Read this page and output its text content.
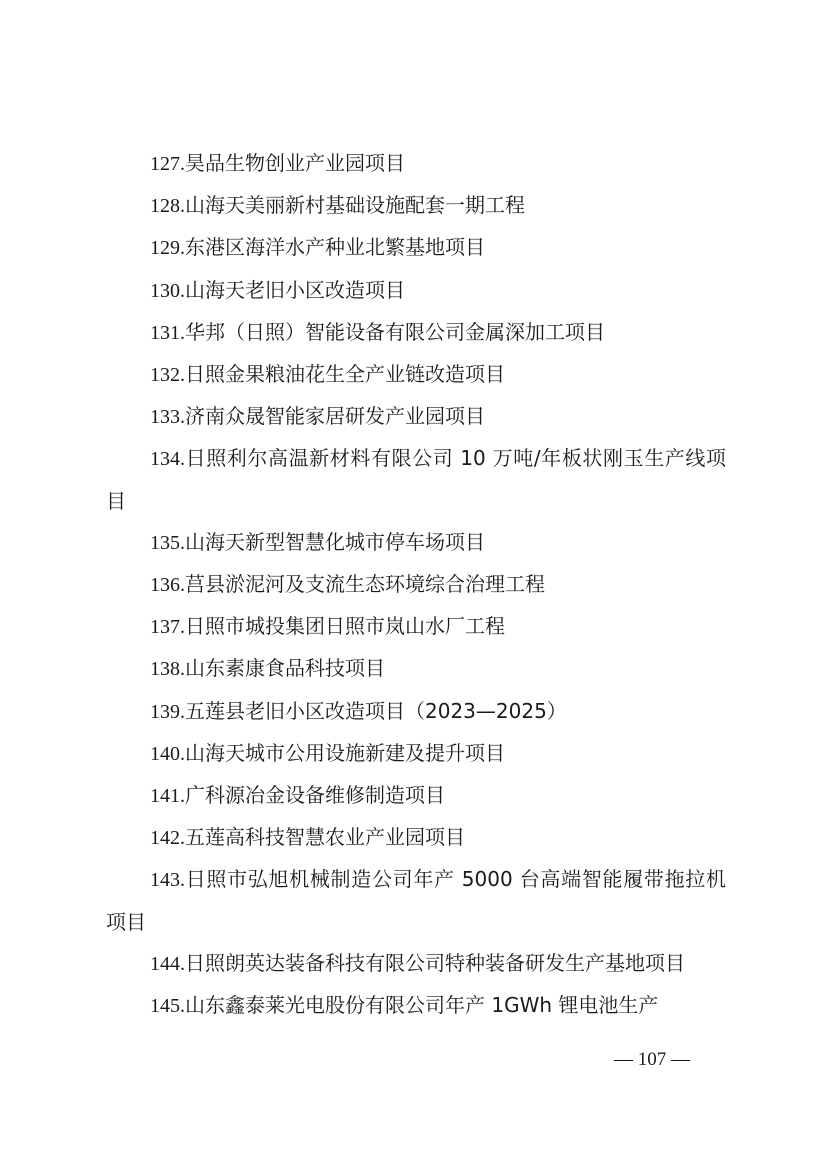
127.昊品生物创业产业园项目
128.山海天美丽新村基础设施配套一期工程
129.东港区海洋水产种业北繁基地项目
130.山海天老旧小区改造项目
131.华邦（日照）智能设备有限公司金属深加工项目
132.日照金果粮油花生全产业链改造项目
133.济南众晟智能家居研发产业园项目
134.日照利尔高温新材料有限公司 10 万吨/年板状刚玉生产线项目
135.山海天新型智慧化城市停车场项目
136.莒县淤泥河及支流生态环境综合治理工程
137.日照市城投集团日照市岚山水厂工程
138.山东素康食品科技项目
139.五莲县老旧小区改造项目（2023—2025）
140.山海天城市公用设施新建及提升项目
141.广科源冶金设备维修制造项目
142.五莲高科技智慧农业产业园项目
143.日照市弘旭机械制造公司年产 5000 台高端智能履带拖拉机项目
144.日照朗英达装备科技有限公司特种装备研发生产基地项目
145.山东鑫泰莱光电股份有限公司年产 1GWh 锂电池生产
— 107 —
